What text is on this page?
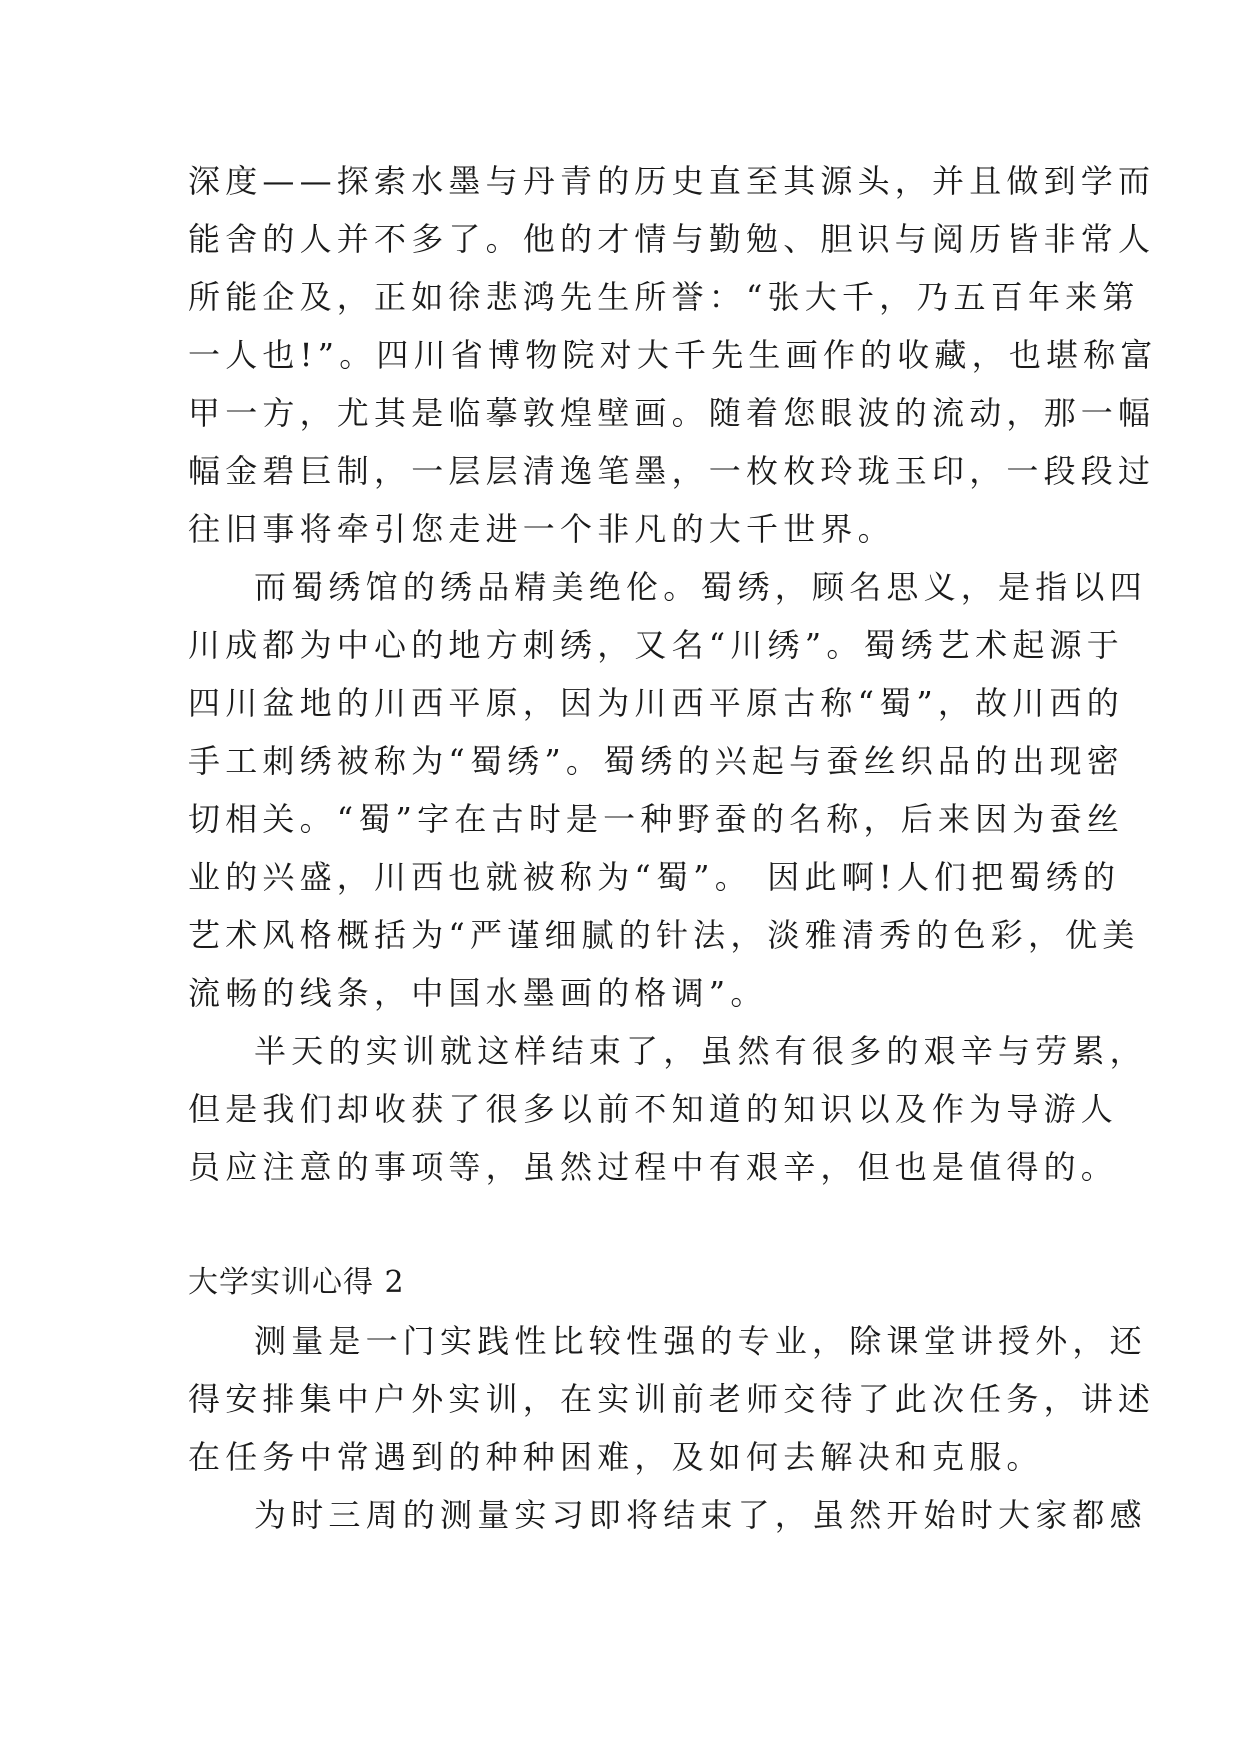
深度——探索水墨与丹青的历史直至其源头，并且做到学而
能舍的人并不多了。他的才情与勤勉、胆识与阅历皆非常人
所能企及，正如徐悲鸿先生所誉：“张大千，乃五百年来第
一人也!”。四川省博物院对大千先生画作的收藏，也堪称富
甲一方，尤其是临摹敦煌壁画。随着您眼波的流动，那一幅
幅金碧巨制，一层层清逸笔墨，一枚枚玲珑玉印，一段段过
往旧事将牵引您走进一个非凡的大千世界。
而蜀绣馆的绣品精美绝伦。蜀绣，顾名思义，是指以四
川成都为中心的地方刺绣，又名“川绣”。蜀绣艺术起源于
四川盆地的川西平原，因为川西平原古称“蜀”，故川西的
手工刺绣被称为“蜀绣”。蜀绣的兴起与蚕丝织品的出现密
切相关。“蜀”字在古时是一种野蚕的名称，后来因为蚕丝
业的兴盛，川西也就被称为“蜀”。 因此啊!人们把蜀绣的
艺术风格概括为“严谨细腻的针法，淡雅清秀的色彩，优美
流畅的线条，中国水墨画的格调”。
半天的实训就这样结束了，虽然有很多的艰辛与劳累，
但是我们却收获了很多以前不知道的知识以及作为导游人
员应注意的事项等，虽然过程中有艰辛，但也是值得的。
大学实训心得 2
测量是一门实践性比较性强的专业，除课堂讲授外，还
得安排集中户外实训，在实训前老师交待了此次任务，讲述
在任务中常遇到的种种困难，及如何去解决和克服。
为时三周的测量实习即将结束了，虽然开始时大家都感
